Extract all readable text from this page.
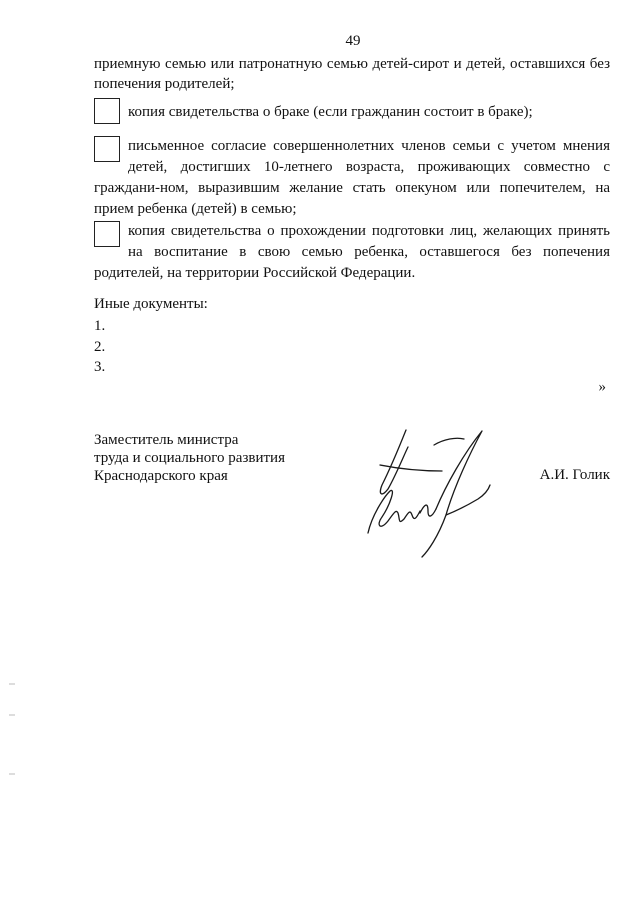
49
приемную семью или патронатную семью детей-сирот и детей, оставшихся без попечения родителей;
копия свидетельства о браке (если гражданин состоит в браке);
письменное согласие совершеннолетних членов семьи с учетом мнения детей, достигших 10-летнего возраста, проживающих совместно с граждани-ном, выразившим желание стать опекуном или попечителем, на прием ребенка (детей) в семью;
копия свидетельства о прохождении подготовки лиц, желающих принять на воспитание в свою семью ребенка, оставшегося без попечения родителей, на территории Российской Федерации.
Иные документы:
1.
2.
3.
»
Заместитель министра
труда и социального развития
Краснодарского края	А.И. Голик
